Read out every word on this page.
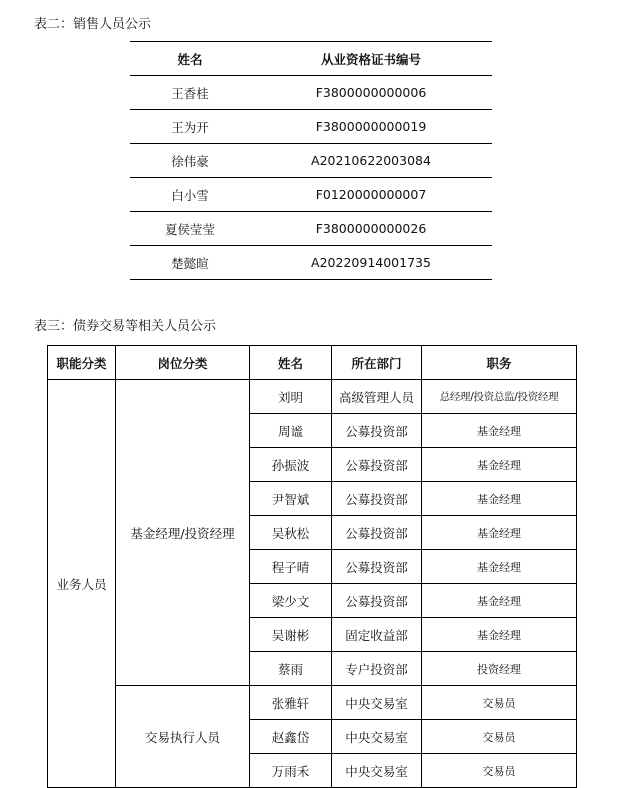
表二：销售人员公示
姓名	从业资格证书编号
王香桂	F3800000000006
王为开	F3800000000019
徐伟豪	A20210622003084
白小雪	F0120000000007
夏侯莹莹	F3800000000026
楚懿暄	A20220914001735
表三：债券交易等相关人员公示
职能分类	岗位分类	姓名	所在部门	职务
业务人员	基金经理/投资经理	刘明	高级管理人员	总经理/投资总监/投资经理
		周谧	公募投资部	基金经理
		孙振波	公募投资部	基金经理
		尹智斌	公募投资部	基金经理
		吴秋松	公募投资部	基金经理
		程子晴	公募投资部	基金经理
		梁少文	公募投资部	基金经理
		吴谢彬	固定收益部	基金经理
		蔡雨	专户投资部	投资经理
	交易执行人员	张雅轩	中央交易室	交易员
		赵鑫岱	中央交易室	交易员
		万雨禾	中央交易室	交易员
